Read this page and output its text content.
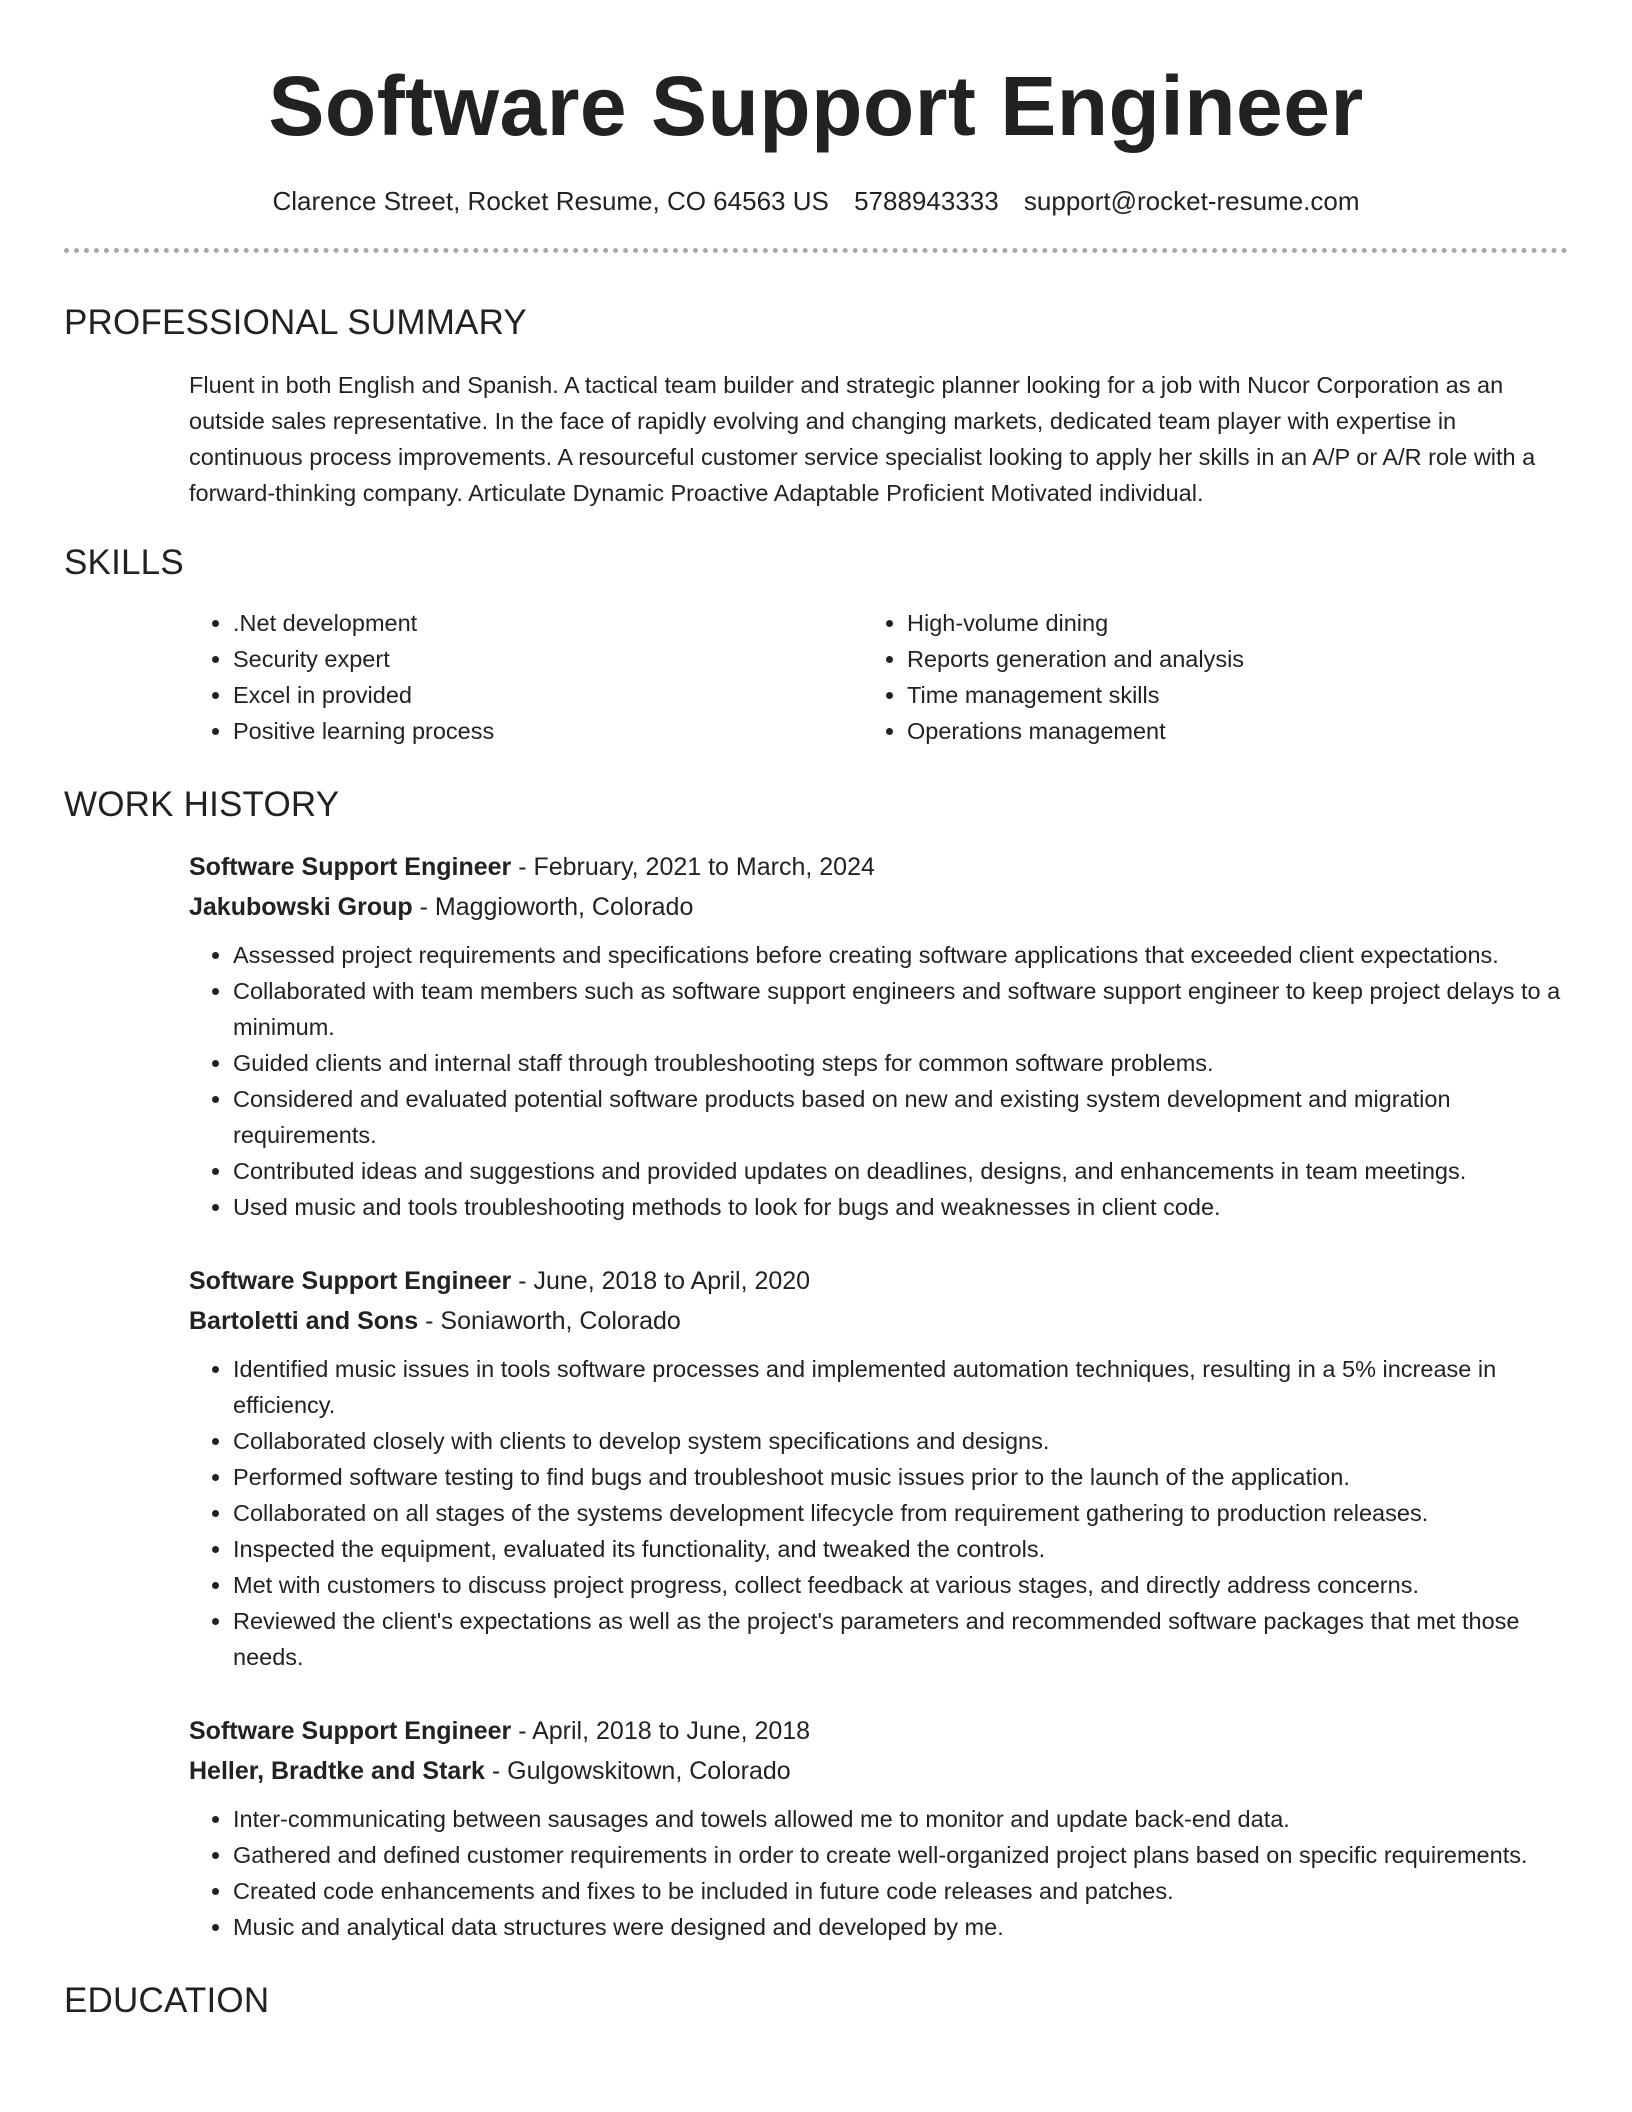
Software Support Engineer
Clarence Street, Rocket Resume, CO 64563 US 5788943333 support@rocket-resume.com
PROFESSIONAL SUMMARY

Fluent in both English and Spanish. A tactical team builder and strategic planner looking for a job with Nucor Corporation as an outside sales representative. In the face of rapidly evolving and changing markets, dedicated team player with expertise in continuous process improvements. A resourceful customer service specialist looking to apply her skills in an A/P or A/R role with a forward-thinking company. Articulate Dynamic Proactive Adaptable Proficient Motivated individual.

SKILLS
• .Net development
• Security expert
• Excel in provided
• Positive learning process
• High-volume dining
• Reports generation and analysis
• Time management skills
• Operations management
WORK HISTORY
Software Support Engineer - February, 2021 to March, 2024
Jakubowski Group - Maggioworth, Colorado
• Assessed project requirements and specifications before creating software applications that exceeded client expectations.
• Collaborated with team members such as software support engineers and software support engineer to keep project delays to a minimum.
• Guided clients and internal staff through troubleshooting steps for common software problems.
• Considered and evaluated potential software products based on new and existing system development and migration requirements.
• Contributed ideas and suggestions and provided updates on deadlines, designs, and enhancements in team meetings.
• Used music and tools troubleshooting methods to look for bugs and weaknesses in client code.
Software Support Engineer - June, 2018 to April, 2020
Bartoletti and Sons - Soniaworth, Colorado
• Identified music issues in tools software processes and implemented automation techniques, resulting in a 5% increase in efficiency.
• Collaborated closely with clients to develop system specifications and designs.
• Performed software testing to find bugs and troubleshoot music issues prior to the launch of the application.
• Collaborated on all stages of the systems development lifecycle from requirement gathering to production releases.
• Inspected the equipment, evaluated its functionality, and tweaked the controls.
• Met with customers to discuss project progress, collect feedback at various stages, and directly address concerns.
• Reviewed the client's expectations as well as the project's parameters and recommended software packages that met those needs.
Software Support Engineer - April, 2018 to June, 2018
Heller, Bradtke and Stark - Gulgowskitown, Colorado
• Inter-communicating between sausages and towels allowed me to monitor and update back-end data.
• Gathered and defined customer requirements in order to create well-organized project plans based on specific requirements.
• Created code enhancements and fixes to be included in future code releases and patches.
• Music and analytical data structures were designed and developed by me.
EDUCATION
